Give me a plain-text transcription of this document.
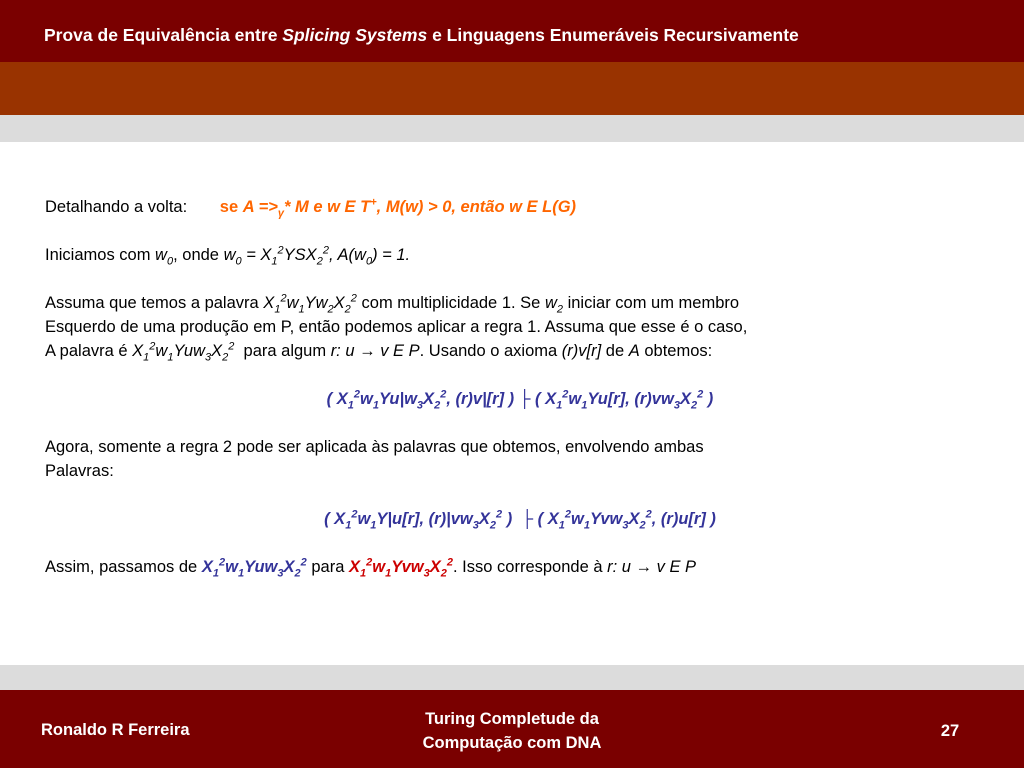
Prova de Equivalência entre Splicing Systems e Linguagens Enumeráveis Recursivamente

Detalhando a volta: se $A =>_\gamma*$ M e w E T+, M(w) > 0, então w E L(G)

Iniciamos com $w_0$, onde $w_0 = X_1^2YSX_2^2$, $A(w_0) = 1$.

Assuma que temos a palavra $X_1^2w_1Yw_2X_2^2$ com multiplicidade 1. Se $w_2$ iniciar com um membro

Esquerdo de uma produção em P, então podemos aplicar a regra 1. Assuma que esse é o caso,

A palavra é $X_1^2w_1Yuw_3X_2^2$ para algum r: u → v E P. Usando o axioma (r)v[r] de A obtemos:

( $X_1^2w_1Yu|w_3X_2^2$, (r)v|[r] ) ├ ( $X_1^2w_1Yu[r]$, $(r)vw_3X_2^2$ )

Agora, somente a regra 2 pode ser aplicada às palavras que obtemos, envolvendo ambas

Palavras:

( $X_1^2w_1Y|u[r]$, $(r)|vw_3X_2^2$ )  ├ ( $X_1^2w_1Yvw_3X_2^2$, (r)u[r] )

Assim, passamos de $X_1^2w_1Yuw_3X_2^2$ para $X_1^2w_1Yvw_3X_2^2$. Isso corresponde à r: u → v E P

Ronaldo R Ferreira
Turing Completude da
Computação com DNA
27
